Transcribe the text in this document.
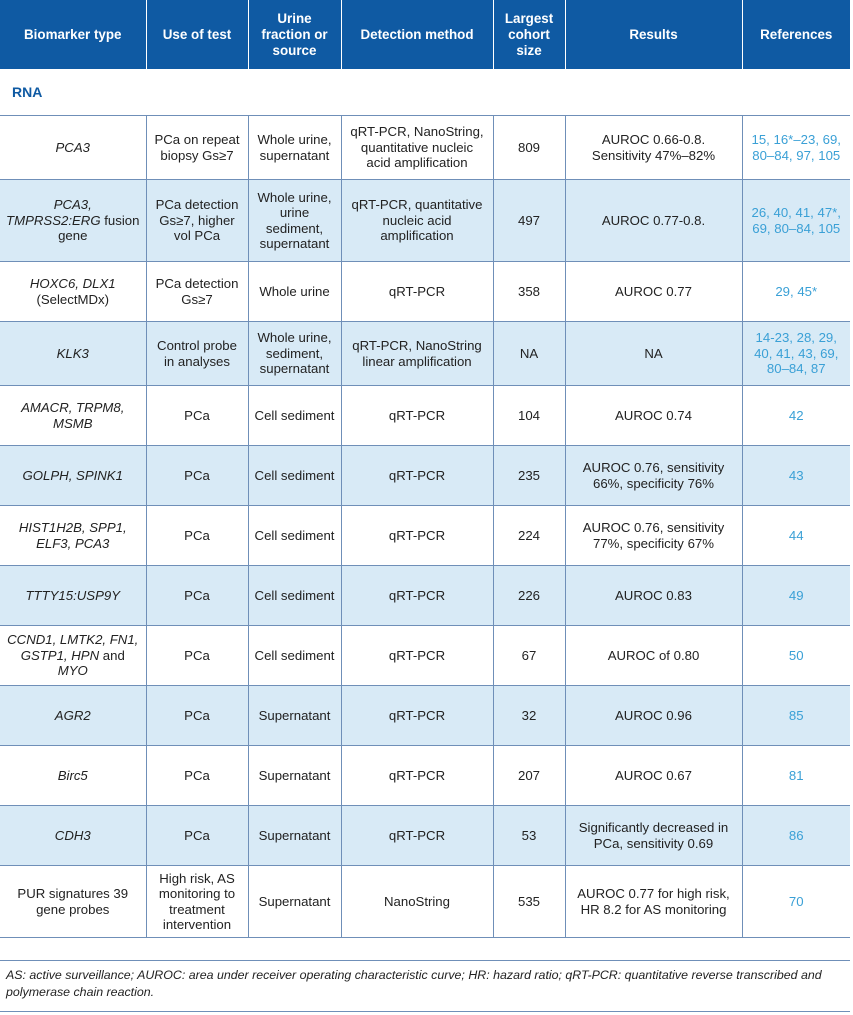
Biomarker type	Use of test	Urine fraction or source	Detection method	Largest cohort size	Results	References
RNA						
PCA3	PCa on repeat biopsy Gs≥7	Whole urine, supernatant	qRT-PCR, NanoString, quantitative nucleic acid amplification	809	AUROC 0.66-0.8. Sensitivity 47%–82%	15, 16*–23, 69, 80–84, 97, 105
PCA3, TMPRSS2:ERG fusion gene	PCa detection Gs≥7, higher vol PCa	Whole urine, urine sediment, supernatant	qRT-PCR, quantitative nucleic acid amplification	497	AUROC 0.77-0.8.	26, 40, 41, 47*, 69, 80–84, 105
HOXC6, DLX1 (SelectMDx)	PCa detection Gs≥7	Whole urine	qRT-PCR	358	AUROC 0.77	29, 45*
KLK3	Control probe in analyses	Whole urine, sediment, supernatant	qRT-PCR, NanoString linear amplification	NA	NA	14-23, 28, 29, 40, 41, 43, 69, 80–84, 87
AMACR, TRPM8, MSMB	PCa	Cell sediment	qRT-PCR	104	AUROC 0.74	42
GOLPH, SPINK1	PCa	Cell sediment	qRT-PCR	235	AUROC 0.76, sensitivity 66%, specificity 76%	43
HIST1H2B, SPP1, ELF3, PCA3	PCa	Cell sediment	qRT-PCR	224	AUROC 0.76, sensitivity 77%, specificity 67%	44
TTTY15:USP9Y	PCa	Cell sediment	qRT-PCR	226	AUROC 0.83	49
CCND1, LMTK2, FN1, GSTP1, HPN and MYO	PCa	Cell sediment	qRT-PCR	67	AUROC of 0.80	50
AGR2	PCa	Supernatant	qRT-PCR	32	AUROC 0.96	85
Birc5	PCa	Supernatant	qRT-PCR	207	AUROC 0.67	81
CDH3	PCa	Supernatant	qRT-PCR	53	Significantly decreased in PCa, sensitivity 0.69	86
PUR signatures 39 gene probes	High risk, AS monitoring to treatment intervention	Supernatant	NanoString	535	AUROC 0.77 for high risk, HR 8.2 for AS monitoring	70
AS: active surveillance; AUROC: area under receiver operating characteristic curve; HR: hazard ratio; qRT-PCR: quantitative reverse transcribed and polymerase chain reaction.
